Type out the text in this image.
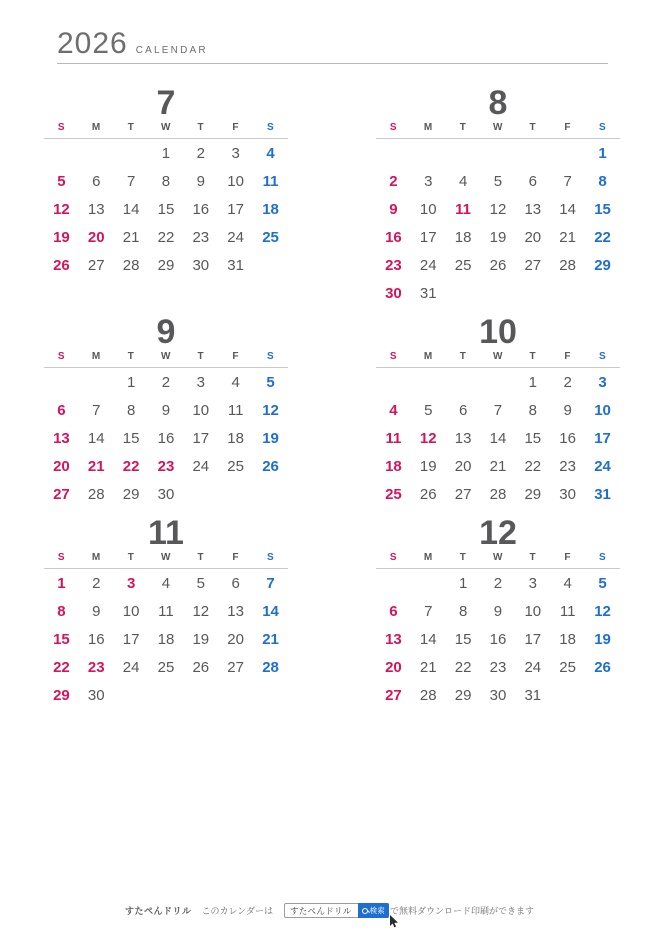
2026 CALENDAR
7
S	M	T	W	T	F	S
			1	2	3	4
5	6	7	8	9	10	11
12	13	14	15	16	17	18
19	20	21	22	23	24	25
26	27	28	29	30	31	
8
S	M	T	W	T	F	S
						1
2	3	4	5	6	7	8
9	10	11	12	13	14	15
16	17	18	19	20	21	22
23	24	25	26	27	28	29
30	31					
9
S	M	T	W	T	F	S
		1	2	3	4	5
6	7	8	9	10	11	12
13	14	15	16	17	18	19
20	21	22	23	24	25	26
27	28	29	30			
10
S	M	T	W	T	F	S
				1	2	3
4	5	6	7	8	9	10
11	12	13	14	15	16	17
18	19	20	21	22	23	24
25	26	27	28	29	30	31
11
S	M	T	W	T	F	S
1	2	3	4	5	6	7
8	9	10	11	12	13	14
15	16	17	18	19	20	21
22	23	24	25	26	27	28
29	30					
12
S	M	T	W	T	F	S
		1	2	3	4	5
6	7	8	9	10	11	12
13	14	15	16	17	18	19
20	21	22	23	24	25	26
27	28	29	30	31		
すたぺんドリル このカレンダーは すたぺんドリル	検索 で無料ダウンロード印刷ができます
